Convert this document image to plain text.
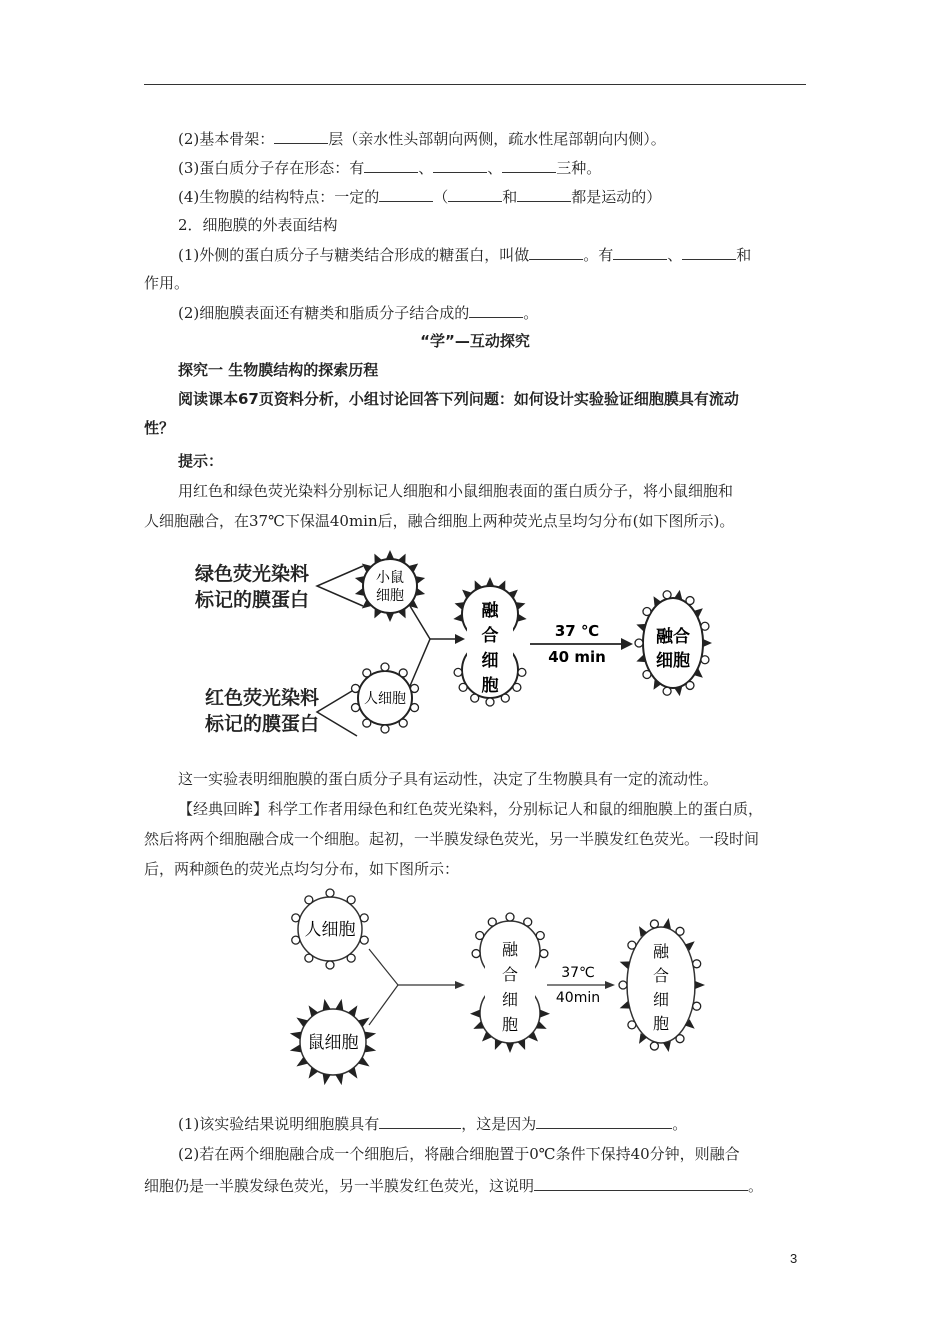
(2)基本骨架：	层（亲水性头部朝向两侧，疏水性尾部朝向内侧）。
(3)蛋白质分子存在形态：有	、	、	三种。
(4)生物膜的结构特点：一定的	（	和	都是运动的）
2．细胞膜的外表面结构
(1)外侧的蛋白质分子与糖类结合形成的糖蛋白，叫做	。有	、	和
作用。
(2)细胞膜表面还有糖类和脂质分子结合成的	。
“学”—互动探究
探究一 生物膜结构的探索历程
阅读课本67页资料分析，小组讨论回答下列问题：如何设计实验验证细胞膜具有流动
性？
提示：
用红色和绿色荧光染料分别标记人细胞和小鼠细胞表面的蛋白质分子，将小鼠细胞和
人细胞融合，在37℃下保温40min后，融合细胞上两种荧光点呈均匀分布(如下图所示)。
绿色荧光染料
标记的膜蛋白
红色荧光染料
标记的膜蛋白
小鼠
细胞
人细胞
融
合
细
胞
37 ℃
40 min
融合
细胞
这一实验表明细胞膜的蛋白质分子具有运动性，决定了生物膜具有一定的流动性。
【经典回眸】科学工作者用绿色和红色荧光染料，分别标记人和鼠的细胞膜上的蛋白质，
然后将两个细胞融合成一个细胞。起初，一半膜发绿色荧光，另一半膜发红色荧光。一段时间
后，两种颜色的荧光点均匀分布，如下图所示：
人细胞
鼠细胞
融
合
细
胞
37℃
40min
融
合
细
胞
(1)该实验结果说明细胞膜具有	，这是因为	。
(2)若在两个细胞融合成一个细胞后，将融合细胞置于0℃条件下保持40分钟，则融合
细胞仍是一半膜发绿色荧光，另一半膜发红色荧光，这说明	。
3
